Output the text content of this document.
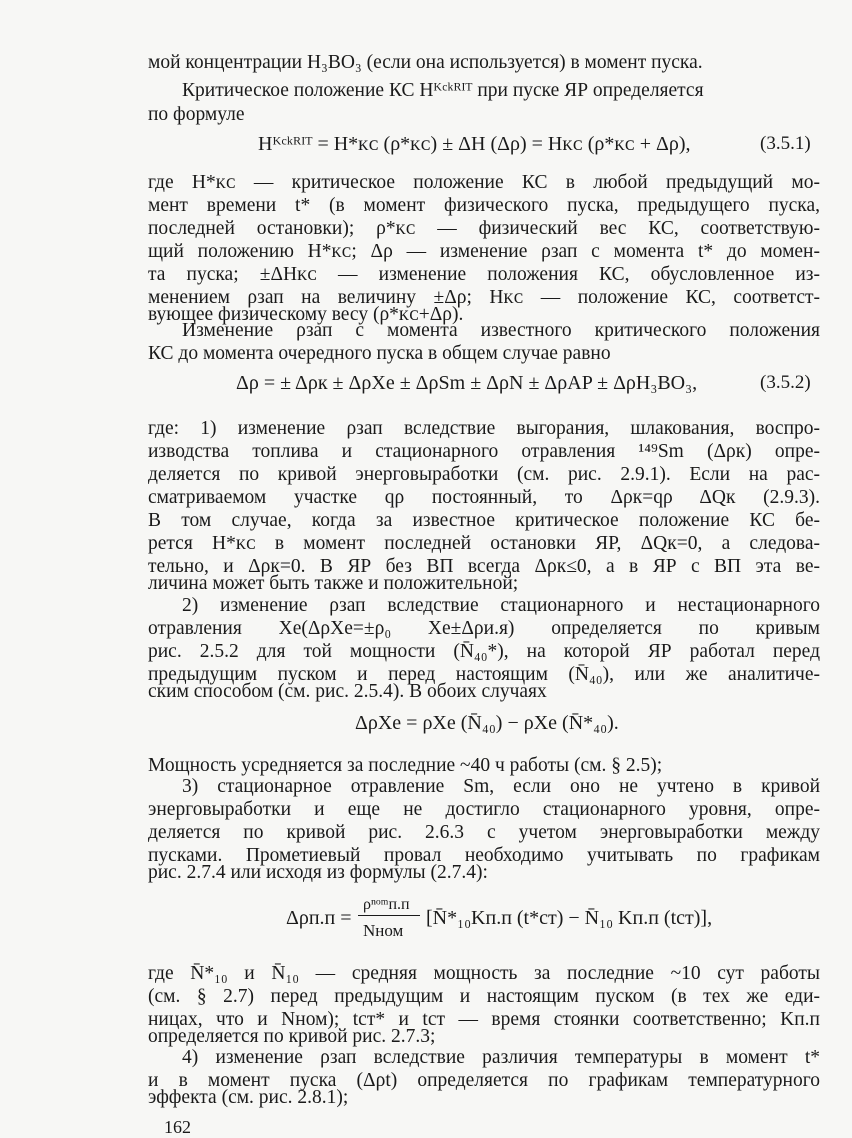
мой концентрации H₃BO₃ (если она используется) в момент пуска.
Критическое положение КС Hᴷᶜᵏᴿᴵᵀ при пуске ЯР определяется
по формуле
Hᴷᶜᵏᴿᴵᵀ = H*ᴋᴄ (ρ*ᴋᴄ) ± ΔH (Δρ) = Hᴋᴄ (ρ*ᴋᴄ + Δρ),	(3.5.1)
где H*ᴋᴄ — критическое положение КС в любой предыдущий мо-
мент времени t* (в момент физического пуска, предыдущего пуска,
последней остановки); ρ*ᴋᴄ — физический вес КС, соответствую-
щий положению H*ᴋᴄ; Δρ — изменение ρзап с момента t* до момен-
та пуска; ±ΔHᴋᴄ — изменение положения КС, обусловленное из-
менением ρзап на величину ±Δρ; Hᴋᴄ — положение КС, соответст-
вующее физическому весу (ρ*ᴋᴄ+Δρ).
Изменение ρзап с момента известного критического положения
КС до момента очередного пуска в общем случае равно
Δρ = ± Δρк ± ΔρXe ± ΔρSm ± ΔρN ± ΔρAP ± ΔρH₃BO₃,	(3.5.2)
где: 1) изменение ρзап вследствие выгорания, шлакования, воспро-
изводства топлива и стационарного отравления ¹⁴⁹Sm (Δρк) опре-
деляется по кривой энерговыработки (см. рис. 2.9.1). Если на рас-
сматриваемом участке qρ постоянный, то Δρк=qρ ΔQк (2.9.3).
В том случае, когда за известное критическое положение КС бе-
рется H*ᴋᴄ в момент последней остановки ЯР, ΔQк=0, а следова-
тельно, и Δρк=0. В ЯР без ВП всегда Δρк≤0, а в ЯР с ВП эта ве-
личина может быть также и положительной;
2) изменение ρзап вследствие стационарного и нестационарного
отравления Xe(ΔρXe=±ρ₀ Xe±Δρи.я) определяется по кривым
рис. 2.5.2 для той мощности (N̄₄₀*), на которой ЯР работал перед
предыдущим пуском и перед настоящим (N̄₄₀), или же аналитиче-
ским способом (см. рис. 2.5.4). В обоих случаях
ΔρXe = ρXe (N̄₄₀) − ρXe (N̄*₄₀).
Мощность усредняется за последние ~40 ч работы (см. § 2.5);
3) стационарное отравление Sm, если оно не учтено в кривой
энерговыработки и еще не достигло стационарного уровня, опре-
деляется по кривой рис. 2.6.3 с учетом энерговыработки между
пусками. Прометиевый провал необходимо учитывать по графикам
рис. 2.7.4 или исходя из формулы (2.7.4):
Δρп.п =
ρⁿᵒᵐп.п
Nном
[N̄*₁₀Kп.п (t*ст) − N̄₁₀ Kп.п (tст)],
где N̄*₁₀ и N̄₁₀ — средняя мощность за последние ~10 сут работы
(см. § 2.7) перед предыдущим и настоящим пуском (в тех же еди-
ницах, что и Nном); tст* и tст — время стоянки соответственно; Kп.п
определяется по кривой рис. 2.7.3;
4) изменение ρзап вследствие различия температуры в момент t*
и в момент пуска (Δρt) определяется по графикам температурного
эффекта (см. рис. 2.8.1);
162
